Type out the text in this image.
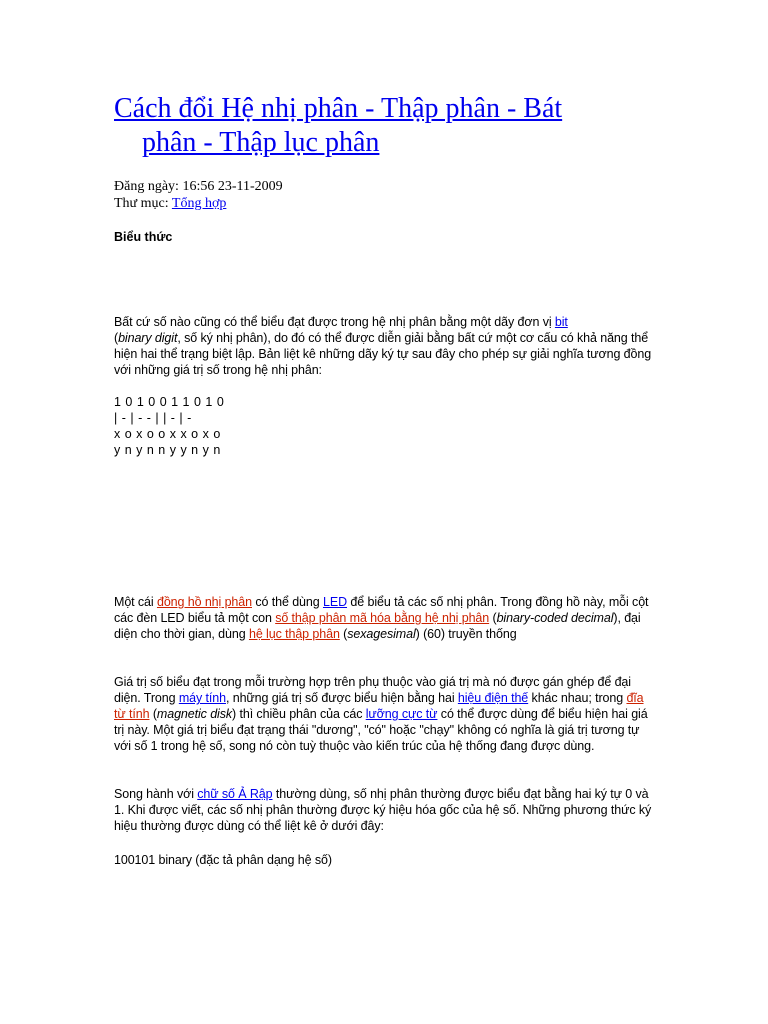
Cách đổi Hệ nhị phân - Thập phân - Bát
phân - Thập lục phân
Đăng ngày: 16:56 23-11-2009
Thư mục: Tổng hợp
Biểu thức
Bất cứ số nào cũng có thể biểu đạt được trong hệ nhị phân bằng một dãy đơn vị bit
(binary digit, số ký nhị phân), do đó có thể được diễn giải bằng bất cứ một cơ cấu có khả năng thể hiện hai thể trạng biệt lập. Bản liệt kê những dãy ký tự sau đây cho phép sự giải nghĩa tương đồng với những giá trị số trong hệ nhị phân:
1 0 1 0 0 1 1 0 1 0
| - | - - | | - | -
x o x o o x x o x o
y n y n n y y n y n
Một cái đồng hồ nhị phân có thể dùng LED để biểu tả các số nhị phân. Trong đồng hồ này, mỗi cột các đèn LED biểu tả một con số thập phân mã hóa bằng hệ nhị phân (binary-coded decimal), đại diện cho thời gian, dùng hệ lục thập phân (sexagesimal) (60) truyền thống
Giá trị số biểu đạt trong mỗi trường hợp trên phụ thuộc vào giá trị mà nó được gán ghép để đại diện. Trong máy tính, những giá trị số được biểu hiện bằng hai hiệu điện thế khác nhau; trong đĩa từ tính (magnetic disk) thì chiều phân của các lưỡng cực từ có thể được dùng để biểu hiện hai giá trị này. Một giá trị biểu đạt trạng thái "dương", "có" hoặc "chạy" không có nghĩa là giá trị tương tự với số 1 trong hệ số, song nó còn tuỳ thuộc vào kiến trúc của hệ thống đang được dùng.
Song hành với chữ số Ả Rập thường dùng, số nhị phân thường được biểu đạt bằng hai ký tự 0 và 1. Khi được viết, các số nhị phân thường được ký hiệu hóa gốc của hệ số. Những phương thức ký hiệu thường được dùng có thể liệt kê ở dưới đây:
100101 binary (đặc tả phân dạng hệ số)
